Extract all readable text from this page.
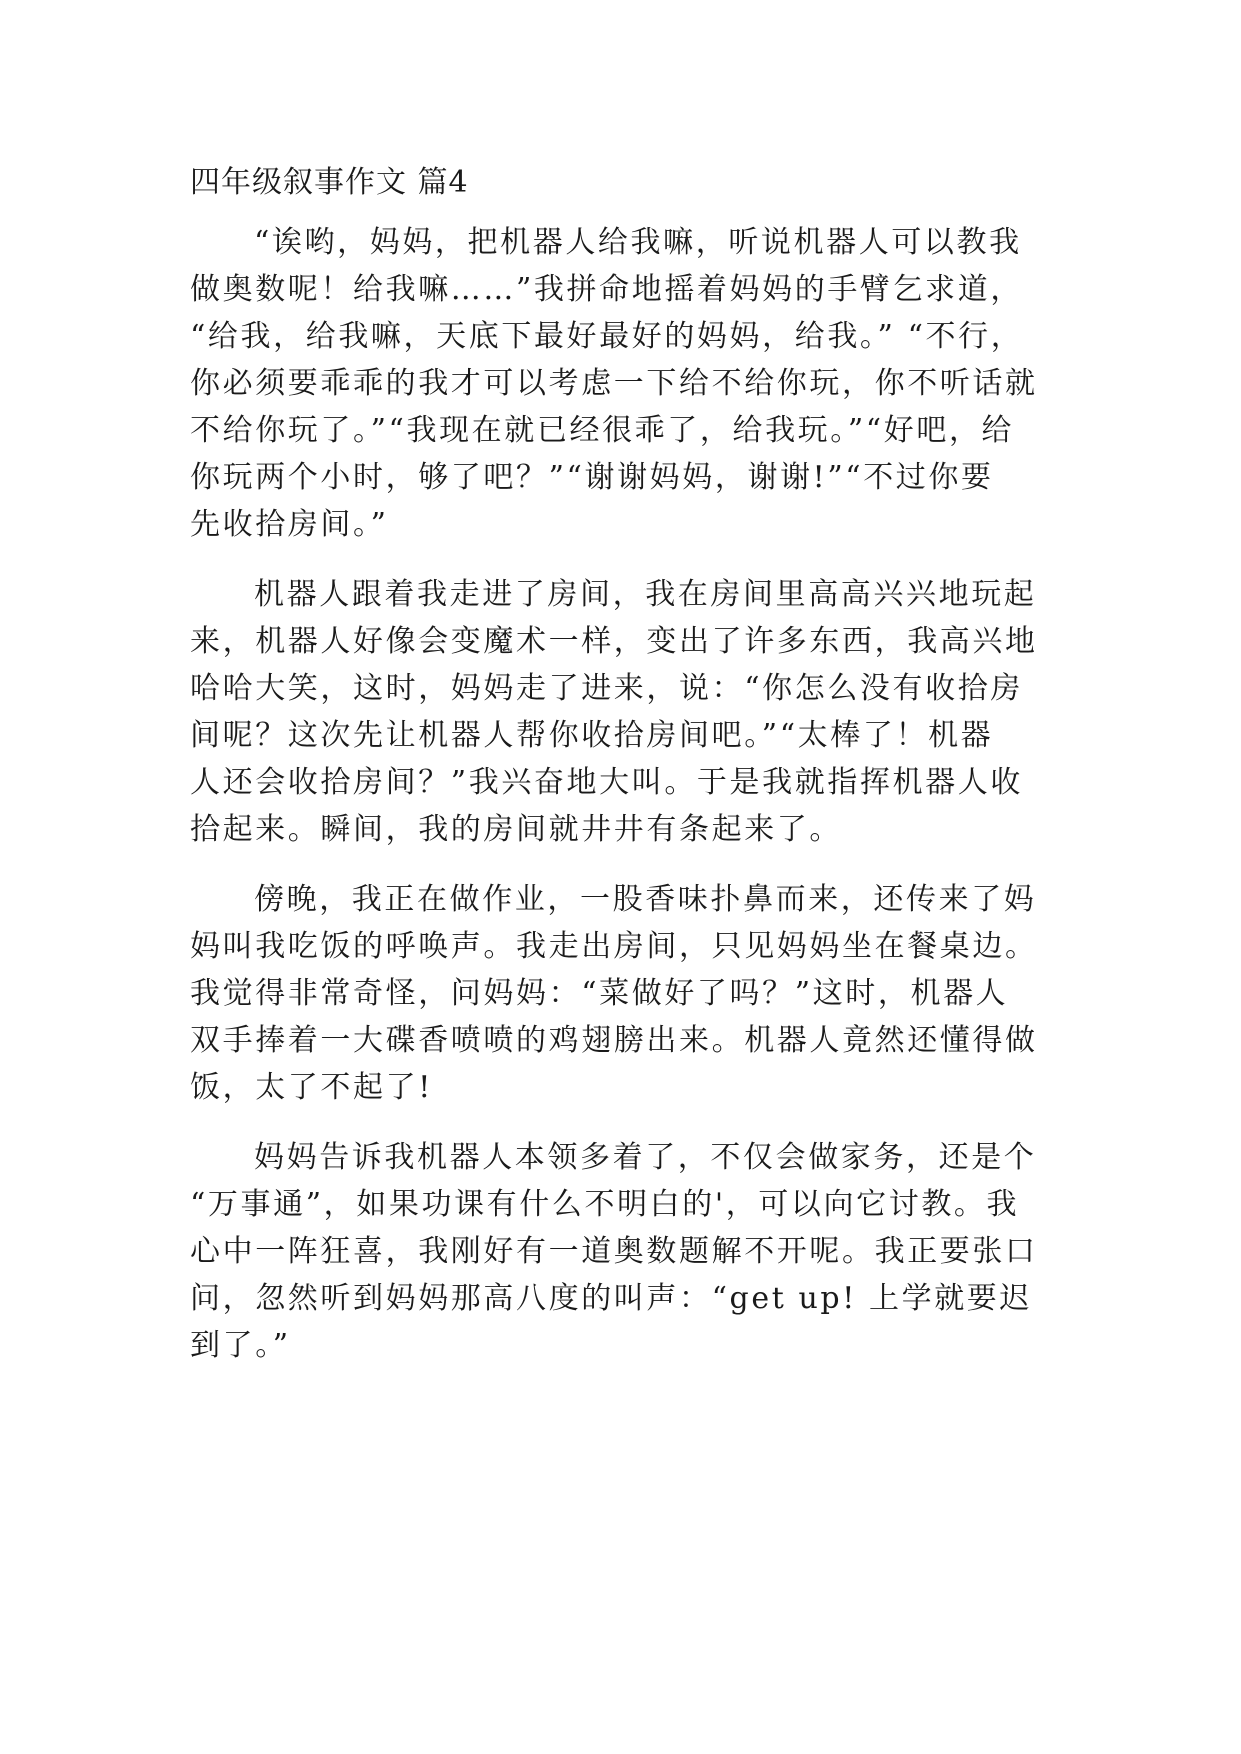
四年级叙事作文 篇4
“诶哟，妈妈，把机器人给我嘛，听说机器人可以教我
做奥数呢！给我嘛……”我拼命地摇着妈妈的手臂乞求道，
“给我，给我嘛，天底下最好最好的妈妈，给我。” “不行，
你必须要乖乖的我才可以考虑一下给不给你玩，你不听话就
不给你玩了。”“我现在就已经很乖了，给我玩。”“好吧，给
你玩两个小时，够了吧？”“谢谢妈妈，谢谢!”“不过你要
先收拾房间。”
机器人跟着我走进了房间，我在房间里高高兴兴地玩起
来，机器人好像会变魔术一样，变出了许多东西，我高兴地
哈哈大笑，这时，妈妈走了进来，说：“你怎么没有收拾房
间呢？这次先让机器人帮你收拾房间吧。”“太棒了！机器
人还会收拾房间？”我兴奋地大叫。于是我就指挥机器人收
拾起来。瞬间，我的房间就井井有条起来了。
傍晚，我正在做作业，一股香味扑鼻而来，还传来了妈
妈叫我吃饭的呼唤声。我走出房间，只见妈妈坐在餐桌边。
我觉得非常奇怪，问妈妈：“菜做好了吗？”这时，机器人
双手捧着一大碟香喷喷的鸡翅膀出来。机器人竟然还懂得做
饭，太了不起了!
妈妈告诉我机器人本领多着了，不仅会做家务，还是个
“万事通”，如果功课有什么不明白的'，可以向它讨教。我
心中一阵狂喜，我刚好有一道奥数题解不开呢。我正要张口
问，忽然听到妈妈那高八度的叫声：“get up! 上学就要迟
到了。”
